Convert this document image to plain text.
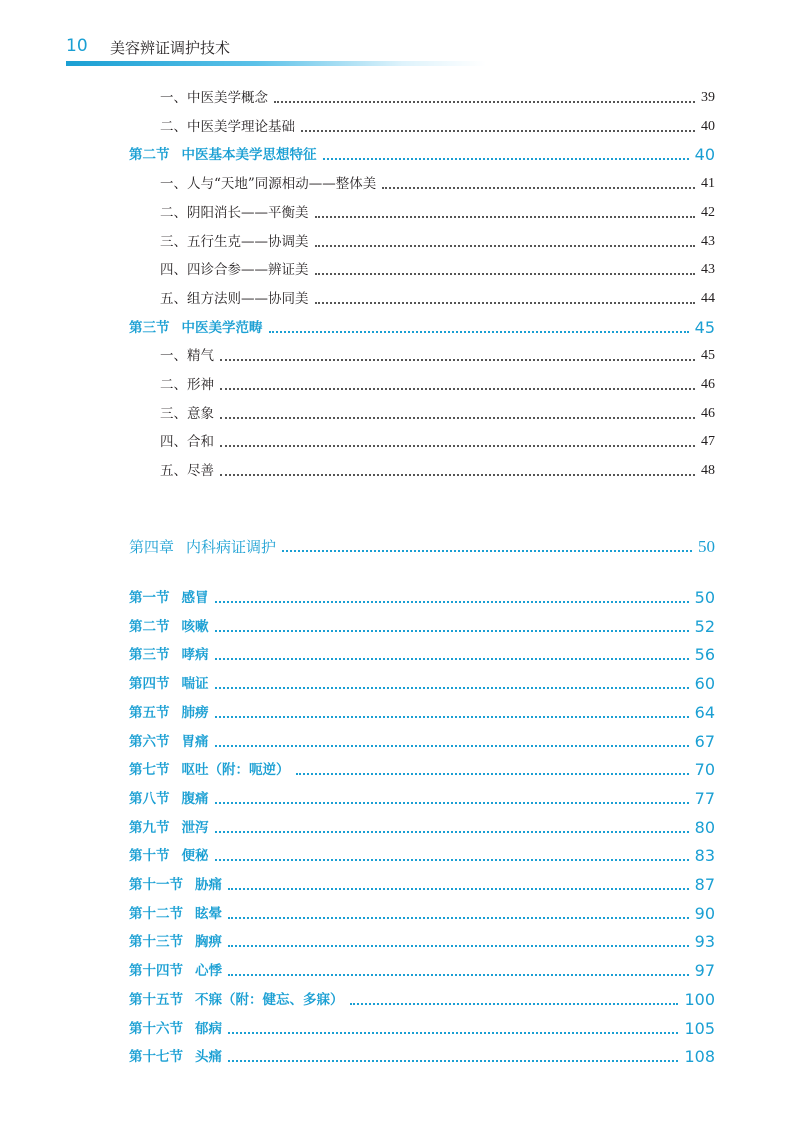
10 美容辨证调护技术
一、中医美学概念	39
二、中医美学理论基础	40
第二节 中医基本美学思想特征	40
一、人与“天地”同源相动——整体美	41
二、阴阳消长——平衡美	42
三、五行生克——协调美	43
四、四诊合参——辨证美	43
五、组方法则——协同美	44
第三节 中医美学范畴	45
一、精气	45
二、形神	46
三、意象	46
四、合和	47
五、尽善	48
第四章 内科病证调护	50
第一节 感冒	50
第二节 咳嗽	52
第三节 哮病	56
第四节 喘证	60
第五节 肺痨	64
第六节 胃痛	67
第七节 呕吐（附：呃逆）	70
第八节 腹痛	77
第九节 泄泻	80
第十节 便秘	83
第十一节 胁痛	87
第十二节 眩晕	90
第十三节 胸痹	93
第十四节 心悸	97
第十五节 不寐（附：健忘、多寐）	100
第十六节 郁病	105
第十七节 头痛	108
